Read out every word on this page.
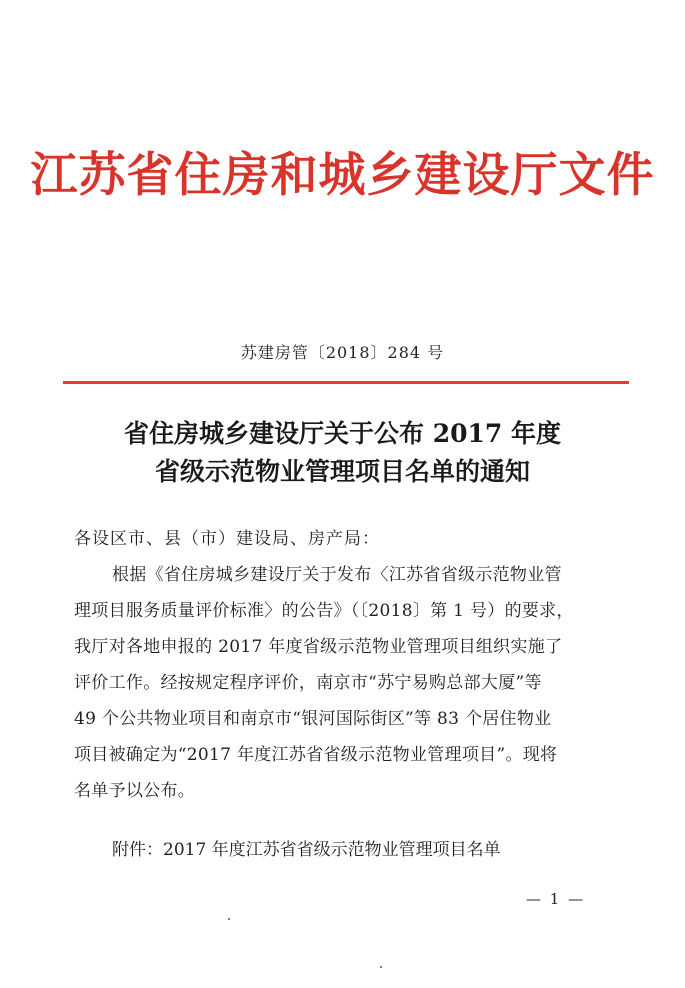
江苏省住房和城乡建设厅文件
苏建房管〔2018〕284 号
省住房城乡建设厅关于公布 2017 年度
省级示范物业管理项目名单的通知
各设区市、县（市）建设局、房产局：
根据《省住房城乡建设厅关于发布〈江苏省省级示范物业管
理项目服务质量评价标准〉的公告》（〔2018〕第 1 号）的要求，
我厅对各地申报的 2017 年度省级示范物业管理项目组织实施了
评价工作。经按规定程序评价，南京市“苏宁易购总部大厦”等
49 个公共物业项目和南京市“银河国际街区”等 83 个居住物业
项目被确定为“2017 年度江苏省省级示范物业管理项目”。现将
名单予以公布。
附件：2017 年度江苏省省级示范物业管理项目名单
— 1 —
